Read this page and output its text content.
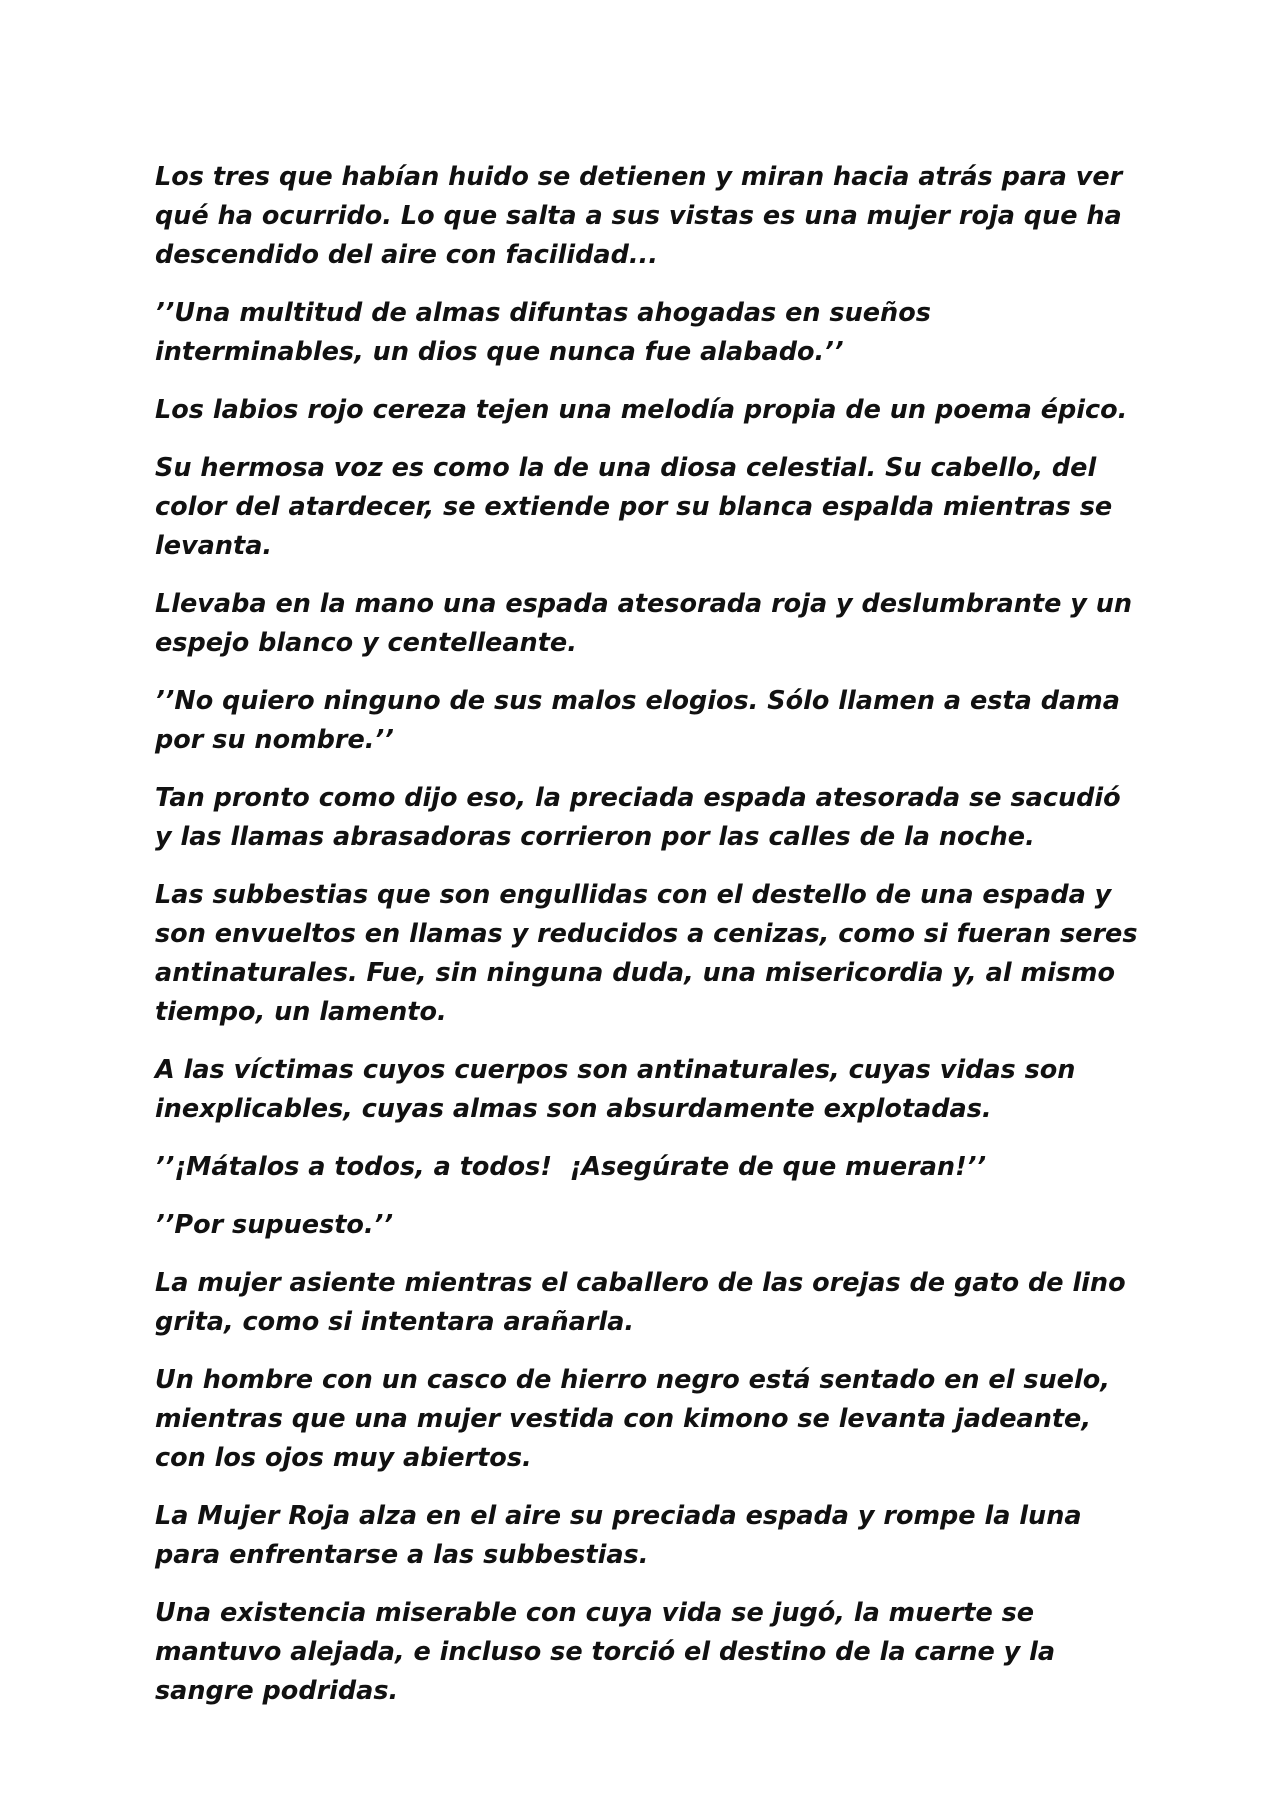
Los tres que habían huido se detienen y miran hacia atrás para ver qué ha ocurrido. Lo que salta a sus vistas es una mujer roja que ha descendido del aire con facilidad...

’’Una multitud de almas difuntas ahogadas en sueños interminables, un dios que nunca fue alabado.’’

Los labios rojo cereza tejen una melodía propia de un poema épico.

Su hermosa voz es como la de una diosa celestial. Su cabello, del color del atardecer, se extiende por su blanca espalda mientras se levanta.

Llevaba en la mano una espada atesorada roja y deslumbrante y un espejo blanco y centelleante.

’’No quiero ninguno de sus malos elogios. Sólo llamen a esta dama por su nombre.’’

Tan pronto como dijo eso, la preciada espada atesorada se sacudió y las llamas abrasadoras corrieron por las calles de la noche.

Las subbestias que son engullidas con el destello de una espada y son envueltos en llamas y reducidos a cenizas, como si fueran seres antinaturales. Fue, sin ninguna duda, una misericordia y, al mismo tiempo, un lamento.

A las víctimas cuyos cuerpos son antinaturales, cuyas vidas son inexplicables, cuyas almas son absurdamente explotadas.

’’¡Mátalos a todos, a todos!  ¡Asegúrate de que mueran!’’

’’Por supuesto.’’

La mujer asiente mientras el caballero de las orejas de gato de lino grita, como si intentara arañarla.

Un hombre con un casco de hierro negro está sentado en el suelo, mientras que una mujer vestida con kimono se levanta jadeante, con los ojos muy abiertos.

La Mujer Roja alza en el aire su preciada espada y rompe la luna para enfrentarse a las subbestias.

Una existencia miserable con cuya vida se jugó, la muerte se mantuvo alejada, e incluso se torció el destino de la carne y la sangre podridas.
